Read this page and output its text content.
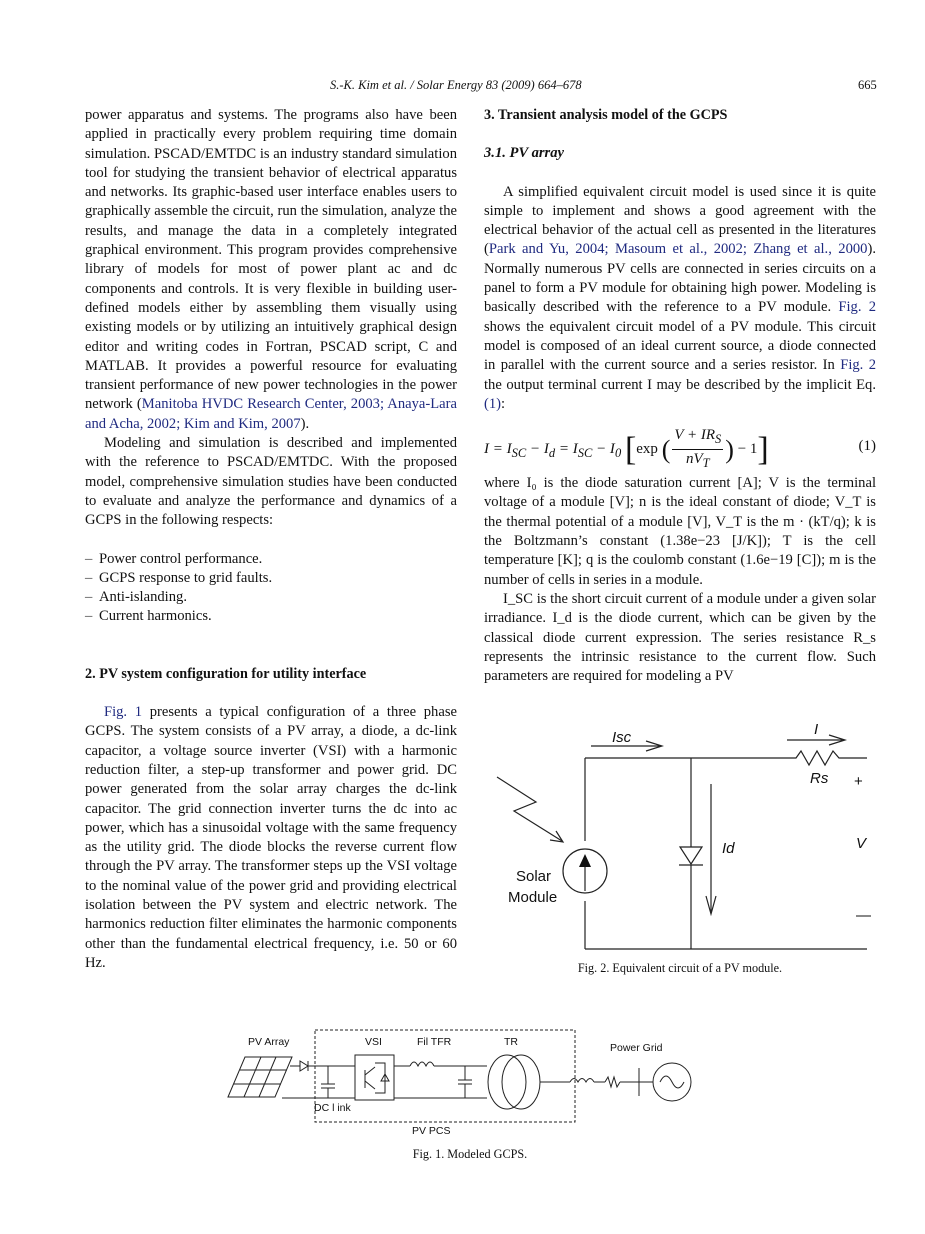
S.-K. Kim et al. / Solar Energy 83 (2009) 664–678	665

power apparatus and systems. The programs also have been applied in practically every problem requiring time domain simulation. PSCAD/EMTDC is an industry standard simulation tool for studying the transient behavior of electrical apparatus and networks. Its graphic-based user interface enables users to graphically assemble the circuit, run the simulation, analyze the results, and manage the data in a completely integrated graphical environment. This program provides comprehensive library of models for most of power plant ac and dc components and controls. It is very flexible in building user-defined models either by assembling them visually using existing models or by utilizing an intuitively graphical design editor and writing codes in Fortran, PSCAD script, C and MATLAB. It provides a powerful resource for evaluating transient performance of new power technologies in the power network (Manitoba HVDC Research Center, 2003; Anaya-Lara and Acha, 2002; Kim and Kim, 2007).

Modeling and simulation is described and implemented with the reference to PSCAD/EMTDC. With the proposed model, comprehensive simulation studies have been conducted to evaluate and analyze the performance and dynamics of a GCPS in the following respects:

– Power control performance.
– GCPS response to grid faults.
– Anti-islanding.
– Current harmonics.
2. PV system configuration for utility interface

Fig. 1 presents a typical configuration of a three phase GCPS. The system consists of a PV array, a diode, a dc-link capacitor, a voltage source inverter (VSI) with a harmonic reduction filter, a step-up transformer and power grid. DC power generated from the solar array charges the dc-link capacitor. The grid connection inverter turns the dc into ac power, which has a sinusoidal voltage with the same frequency as the utility grid. The diode blocks the reverse current flow through the PV array. The transformer steps up the VSI voltage to the nominal value of the power grid and providing electrical isolation between the PV system and electric network. The harmonics reduction filter eliminates the harmonic components other than the fundamental electrical frequency, i.e. 50 or 60 Hz.

3. Transient analysis model of the GCPS
3.1. PV array

A simplified equivalent circuit model is used since it is quite simple to implement and shows a good agreement with the electrical behavior of the actual cell as presented in the literatures (Park and Yu, 2004; Masoum et al., 2002; Zhang et al., 2000). Normally numerous PV cells are connected in series circuits on a panel to form a PV module for obtaining high power. Modeling is basically described with the reference to a PV module. Fig. 2 shows the equivalent circuit model of a PV module. This circuit model is composed of an ideal current source, a diode connected in parallel with the current source and a series resistor. In Fig. 2 the output terminal current I may be described by the implicit Eq. (1):

$I = I_{SC} - I_d = I_{SC} - I_0$ [exp ( $\frac{V + IR_S}{nV_T}$ ) − 1]	(1)

where I₀ is the diode saturation current [A]; V is the terminal voltage of a module [V]; n is the ideal constant of diode; V_T is the thermal potential of a module [V], V_T is the m · (kT/q); k is the Boltzmann’s constant (1.38e−23 [J/K]); T is the cell temperature [K]; q is the coulomb constant (1.6e−19 [C]); m is the number of cells in series in a module.

I_SC is the short circuit current of a module under a given solar irradiance. I_d is the diode current, which can be given by the classical diode current expression. The series resistance R_s represents the intrinsic resistance to the current flow. Such parameters are required for modeling a PV

Isc	I
Rs +
V
—
Id
Solar
Module
Fig. 2. Equivalent circuit of a PV module.
PV Array	VSI	Fil TFR	TR	Power Grid
DC l ink
PV PCS
Fig. 1. Modeled GCPS.
